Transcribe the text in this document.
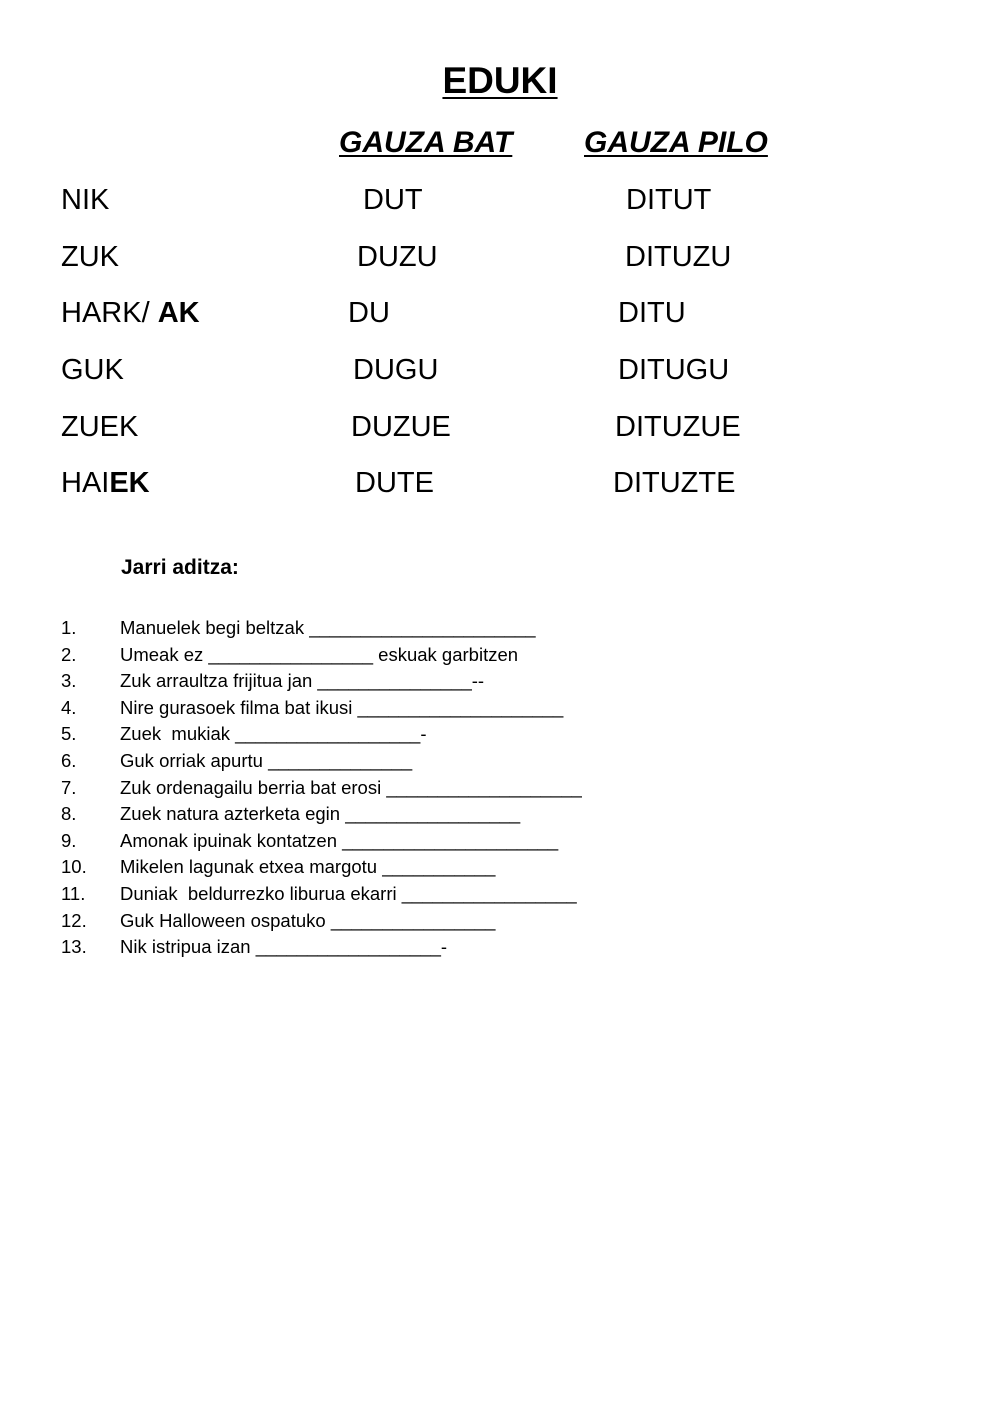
EDUKI
GAUZA BAT GAUZA PILO
NIK	DUT	DITUT
ZUK	DUZU	DITUZU
HARK/ AK	DU	DITU
GUK	DUGU	DITUGU
ZUEK	DUZUE	DITUZUE
HAIEK	DUTE	DITUZTE
Jarri aditza:
1. Manuelek begi beltzak ______________________
2. Umeak ez ________________ eskuak garbitzen
3. Zuk arraultza frijitua jan _______________--
4. Nire gurasoek filma bat ikusi ____________________
5. Zuek  mukiak __________________-
6. Guk orriak apurtu ______________
7. Zuk ordenagailu berria bat erosi ___________________
8. Zuek natura azterketa egin _________________
9. Amonak ipuinak kontatzen _____________________
10. Mikelen lagunak etxea margotu ___________
11. Duniak  beldurrezko liburua ekarri _________________
12. Guk Halloween ospatuko ________________
13. Nik istripua izan __________________-
